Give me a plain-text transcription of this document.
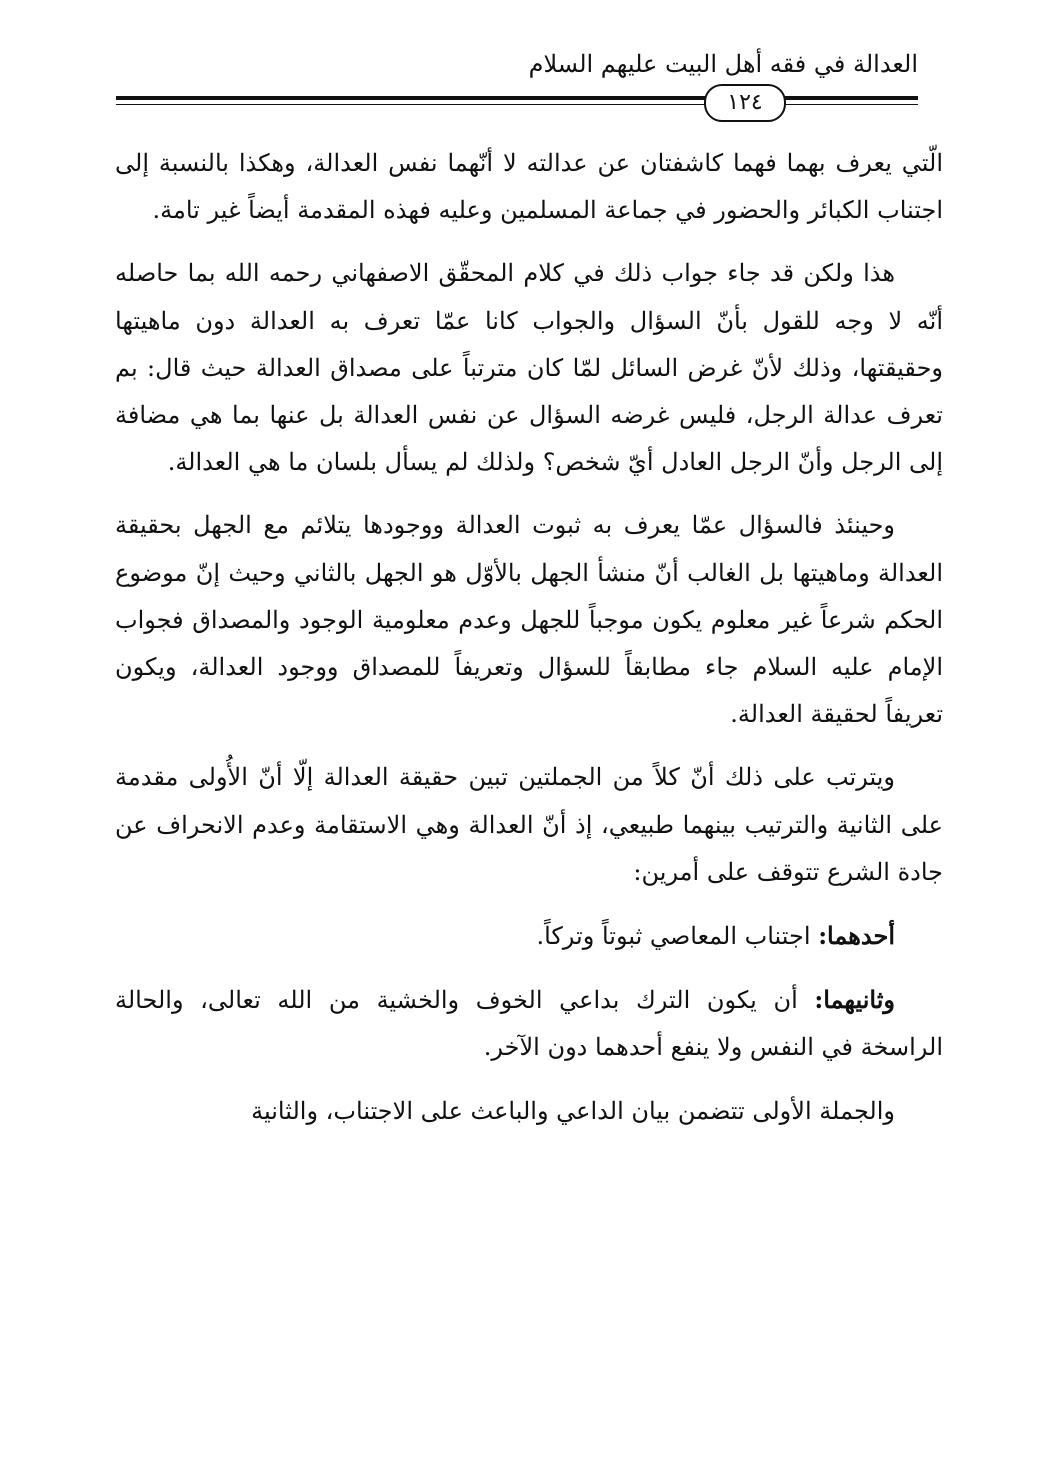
العدالة في فقه أهل البيت عليهم السلام
١٢٤

الّتي يعرف بهما فهما كاشفتان عن عدالته لا أنّهما نفس العدالة، وهكذا بالنسبة إلى اجتناب الكبائر والحضور في جماعة المسلمين وعليه فهذه المقدمة أيضاً غير تامة.

هذا ولكن قد جاء جواب ذلك في كلام المحقّق الاصفهاني رحمه الله بما حاصله أنّه لا وجه للقول بأنّ السؤال والجواب كانا عمّا تعرف به العدالة دون ماهيتها وحقيقتها، وذلك لأنّ غرض السائل لمّا كان مترتباً على مصداق العدالة حيث قال: بم تعرف عدالة الرجل، فليس غرضه السؤال عن نفس العدالة بل عنها بما هي مضافة إلى الرجل وأنّ الرجل العادل أيّ شخص؟ ولذلك لم يسأل بلسان ما هي العدالة.

وحينئذ فالسؤال عمّا يعرف به ثبوت العدالة ووجودها يتلائم مع الجهل بحقيقة العدالة وماهيتها بل الغالب أنّ منشأ الجهل بالأوّل هو الجهل بالثاني وحيث إنّ موضوع الحكم شرعاً غير معلوم يكون موجباً للجهل وعدم معلومية الوجود والمصداق فجواب الإمام عليه السلام جاء مطابقاً للسؤال وتعريفاً للمصداق ووجود العدالة، ويكون تعريفاً لحقيقة العدالة.

ويترتب على ذلك أنّ كلاً من الجملتين تبين حقيقة العدالة إلّا أنّ الأُولى مقدمة على الثانية والترتيب بينهما طبيعي، إذ أنّ العدالة وهي الاستقامة وعدم الانحراف عن جادة الشرع تتوقف على أمرين:

أحدهما: اجتناب المعاصي ثبوتاً وتركاً.

وثانيهما: أن يكون الترك بداعي الخوف والخشية من الله تعالى، والحالة الراسخة في النفس ولا ينفع أحدهما دون الآخر.

والجملة الأولى تتضمن بيان الداعي والباعث على الاجتناب، والثانية
